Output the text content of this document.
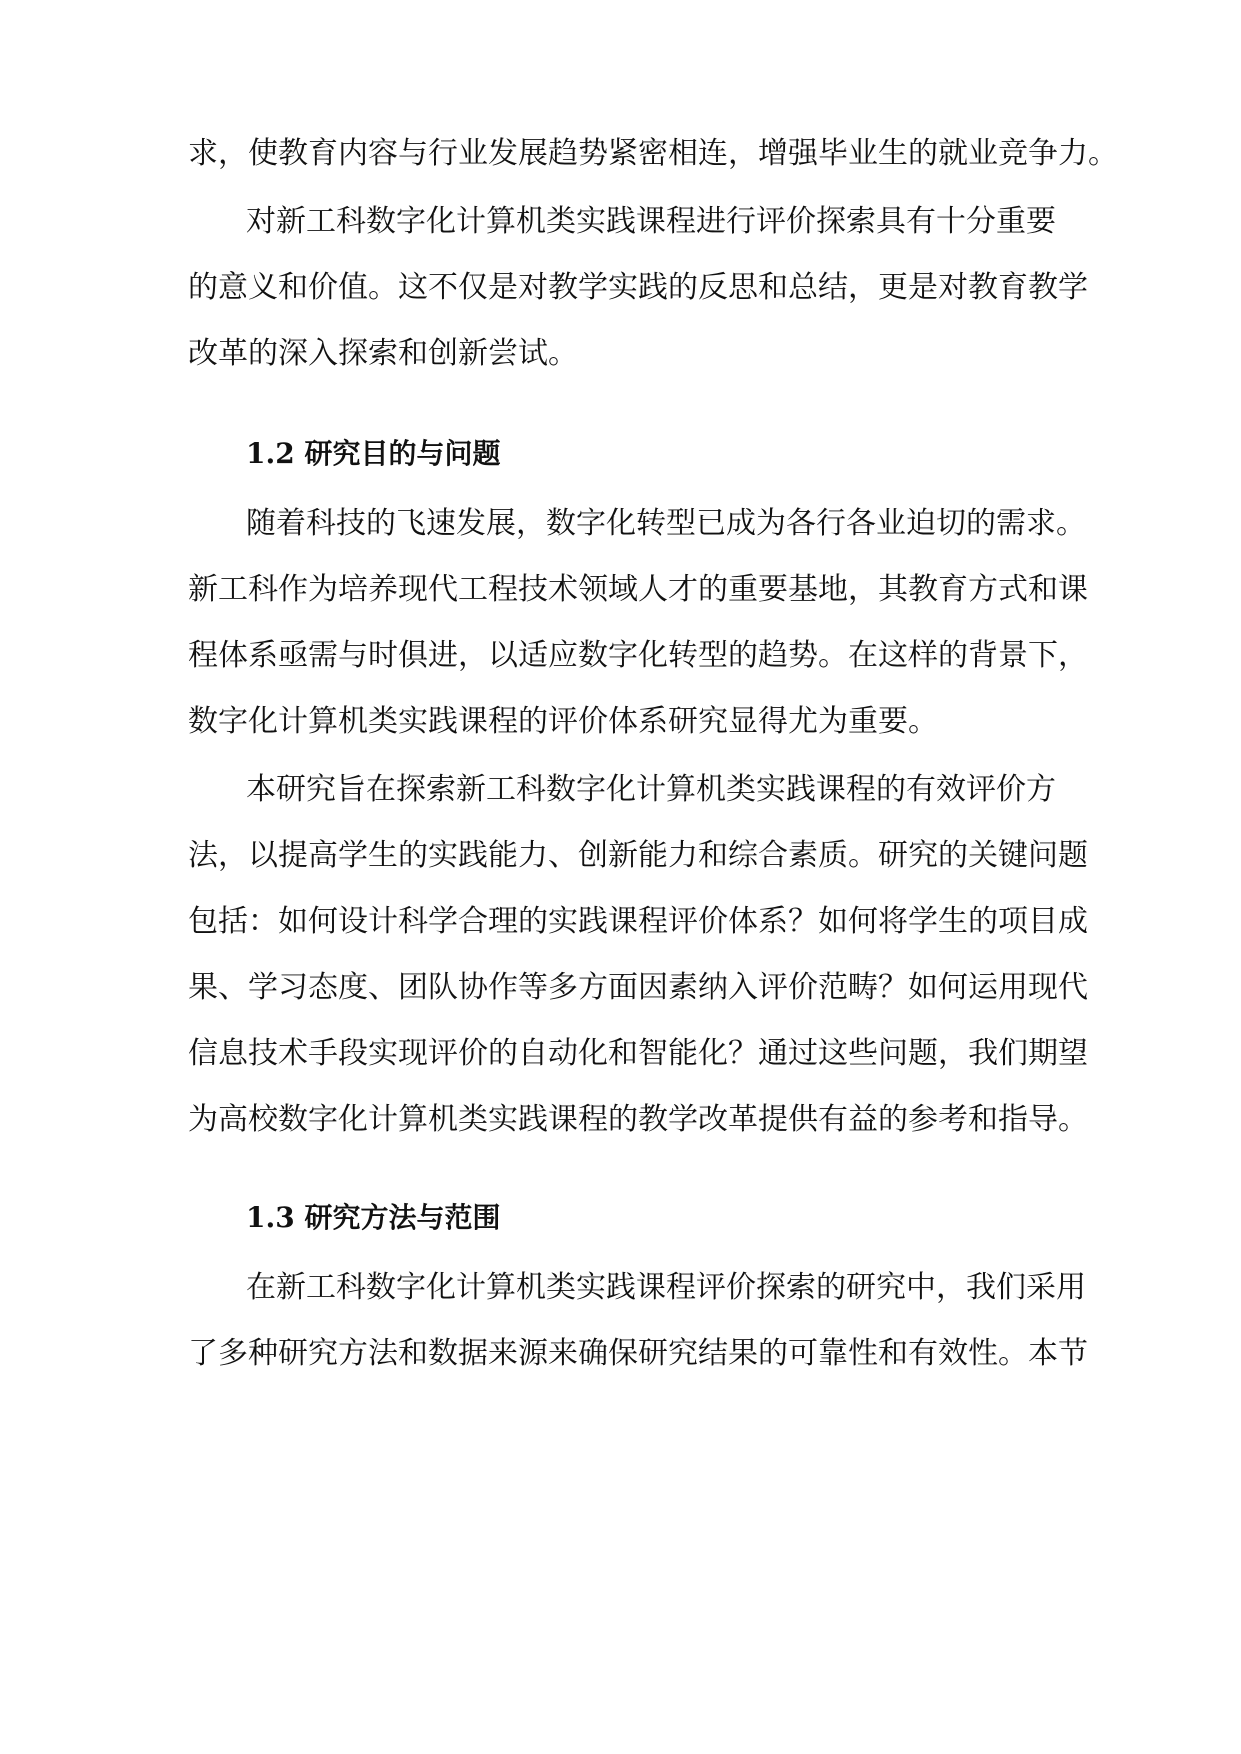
求，使教育内容与行业发展趋势紧密相连，增强毕业生的就业竞争力。
对新工科数字化计算机类实践课程进行评价探索具有十分重要
的意义和价值。这不仅是对教学实践的反思和总结，更是对教育教学
改革的深入探索和创新尝试。
1.2 研究目的与问题
随着科技的飞速发展，数字化转型已成为各行各业迫切的需求。
新工科作为培养现代工程技术领域人才的重要基地，其教育方式和课
程体系亟需与时俱进，以适应数字化转型的趋势。在这样的背景下，
数字化计算机类实践课程的评价体系研究显得尤为重要。
本研究旨在探索新工科数字化计算机类实践课程的有效评价方
法，以提高学生的实践能力、创新能力和综合素质。研究的关键问题
包括：如何设计科学合理的实践课程评价体系？如何将学生的项目成
果、学习态度、团队协作等多方面因素纳入评价范畴？如何运用现代
信息技术手段实现评价的自动化和智能化？通过这些问题，我们期望
为高校数字化计算机类实践课程的教学改革提供有益的参考和指导。
1.3 研究方法与范围
在新工科数字化计算机类实践课程评价探索的研究中，我们采用
了多种研究方法和数据来源来确保研究结果的可靠性和有效性。本节
